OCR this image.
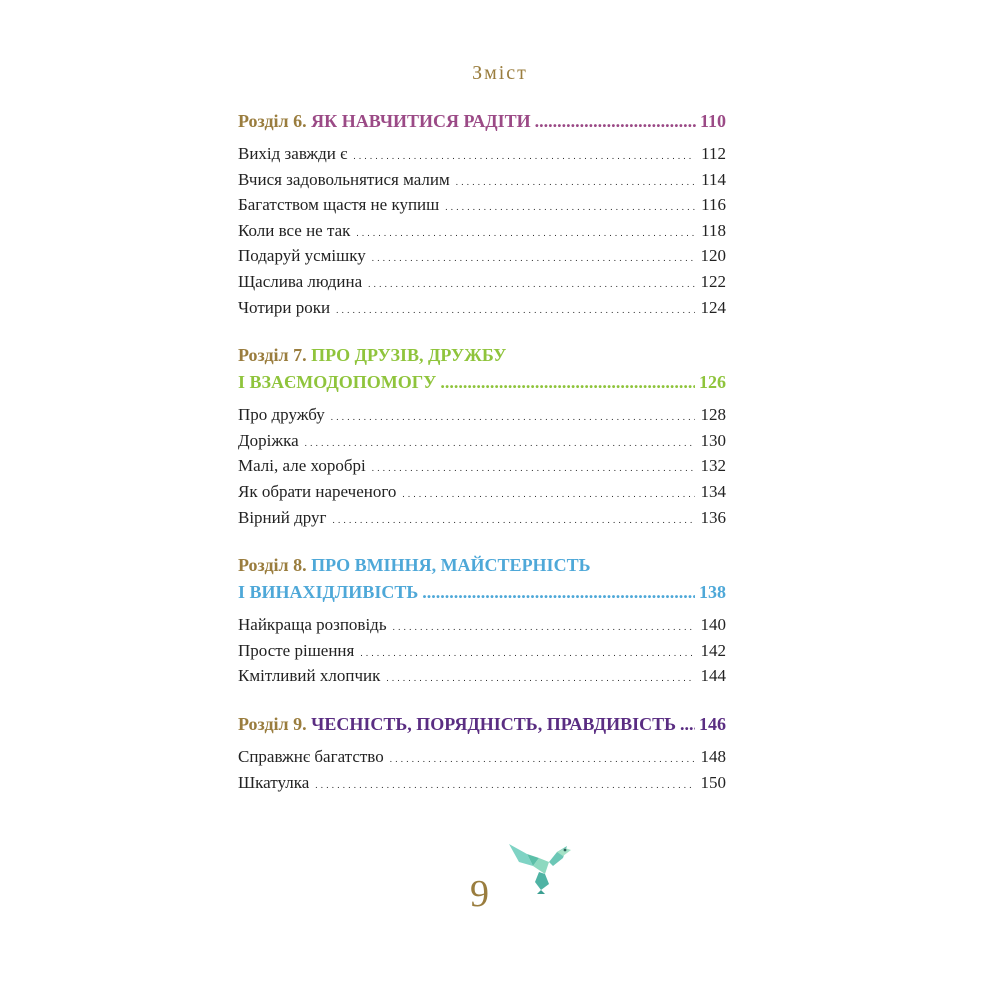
Зміст
Розділ 6.
ЯК НАВЧИТИСЯ РАДІТИ .....	110
Вихід завжди є . . .	112
Вчися задовольнятися малим . . .	114
Багатством щастя не купиш . . .	116
Коли все не так . . .	118
Подаруй усмішку . . .	120
Щаслива людина . . .	122
Чотири роки . . .	124
Розділ 7. ПРО ДРУЗІВ, ДРУЖБУ
І ВЗАЄМОДОПОМОГУ .....	126
Про дружбу . . .	128
Доріжка . . .	130
Малі, але хоробрі . . .	132
Як обрати нареченого . . .	134
Вірний друг . . .	136
Розділ 8. ПРО ВМІННЯ, МАЙСТЕРНІСТЬ
І ВИНАХІДЛИВІСТЬ .....	138
Найкраща розповідь . . .	140
Просте рішення . . .	142
Кмітливий хлопчик . . .	144
Розділ 9.
ЧЕСНІСТЬ, ПОРЯДНІСТЬ, ПРАВДИВІСТЬ ..... 146
Справжнє багатство . . .	148
Шкатулка . . .	150
9
